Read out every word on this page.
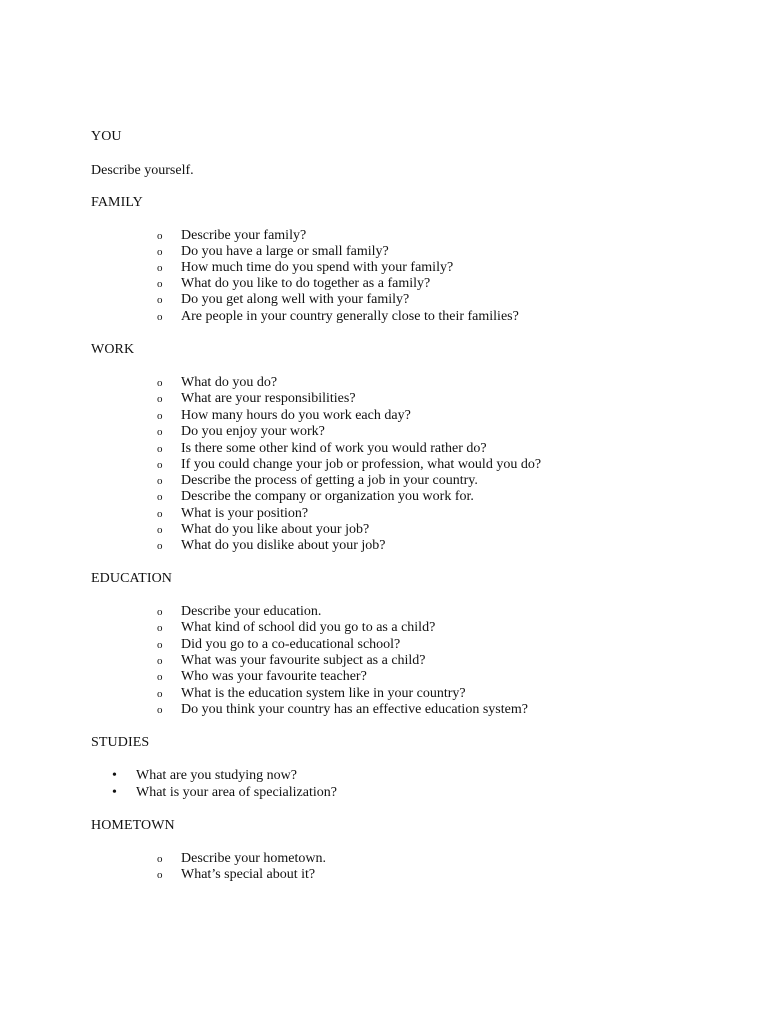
YOU
Describe yourself.
FAMILY
o Describe your family?
o Do you have a large or small family?
o How much time do you spend with your family?
o What do you like to do together as a family?
o Do you get along well with your family?
o Are people in your country generally close to their families?
WORK
o What do you do?
o What are your responsibilities?
o How many hours do you work each day?
o Do you enjoy your work?
o Is there some other kind of work you would rather do?
o If you could change your job or profession, what would you do?
o Describe the process of getting a job in your country.
o Describe the company or organization you work for.
o What is your position?
o What do you like about your job?
o What do you dislike about your job?
EDUCATION
o Describe your education.
o What kind of school did you go to as a child?
o Did you go to a co-educational school?
o What was your favourite subject as a child?
o Who was your favourite teacher?
o What is the education system like in your country?
o Do you think your country has an effective education system?
STUDIES
• What are you studying now?
• What is your area of specialization?
HOMETOWN
o Describe your hometown.
o What’s special about it?
